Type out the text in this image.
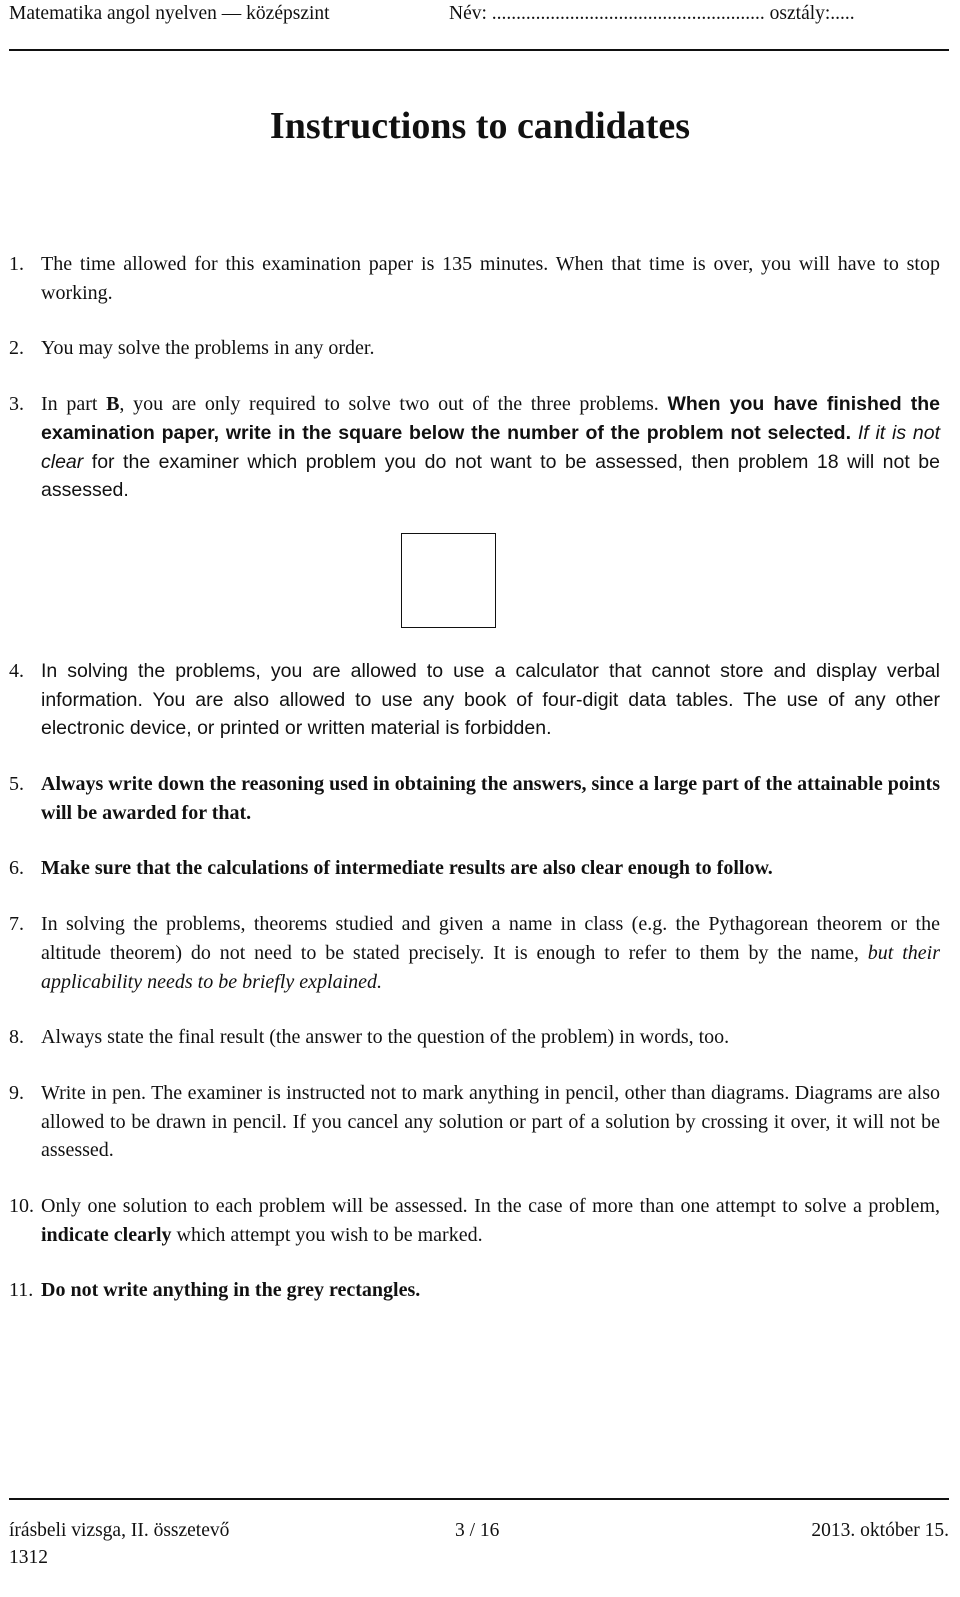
Matematika angol nyelven — középszint	Név: ........................................................ osztály:.....
Instructions to candidates
1. The time allowed for this examination paper is 135 minutes. When that time is over, you will have to stop working.
2. You may solve the problems in any order.
3. In part B, you are only required to solve two out of the three problems. When you have finished the examination paper, write in the square below the number of the problem not selected. If it is not clear for the examiner which problem you do not want to be assessed, then problem 18 will not be assessed.
4. In solving the problems, you are allowed to use a calculator that cannot store and display verbal information. You are also allowed to use any book of four-digit data tables. The use of any other electronic device, or printed or written material is forbidden.
5. Always write down the reasoning used in obtaining the answers, since a large part of the attainable points will be awarded for that.
6. Make sure that the calculations of intermediate results are also clear enough to follow.
7. In solving the problems, theorems studied and given a name in class (e.g. the Pythagorean theorem or the altitude theorem) do not need to be stated precisely. It is enough to refer to them by the name, but their applicability needs to be briefly explained.
8. Always state the final result (the answer to the question of the problem) in words, too.
9. Write in pen. The examiner is instructed not to mark anything in pencil, other than diagrams. Diagrams are also allowed to be drawn in pencil. If you cancel any solution or part of a solution by crossing it over, it will not be assessed.
10. Only one solution to each problem will be assessed. In the case of more than one attempt to solve a problem, indicate clearly which attempt you wish to be marked.
11. Do not write anything in the grey rectangles.
írásbeli vizsga, II. összetevő	3 / 16	2013. október 15.
1312
